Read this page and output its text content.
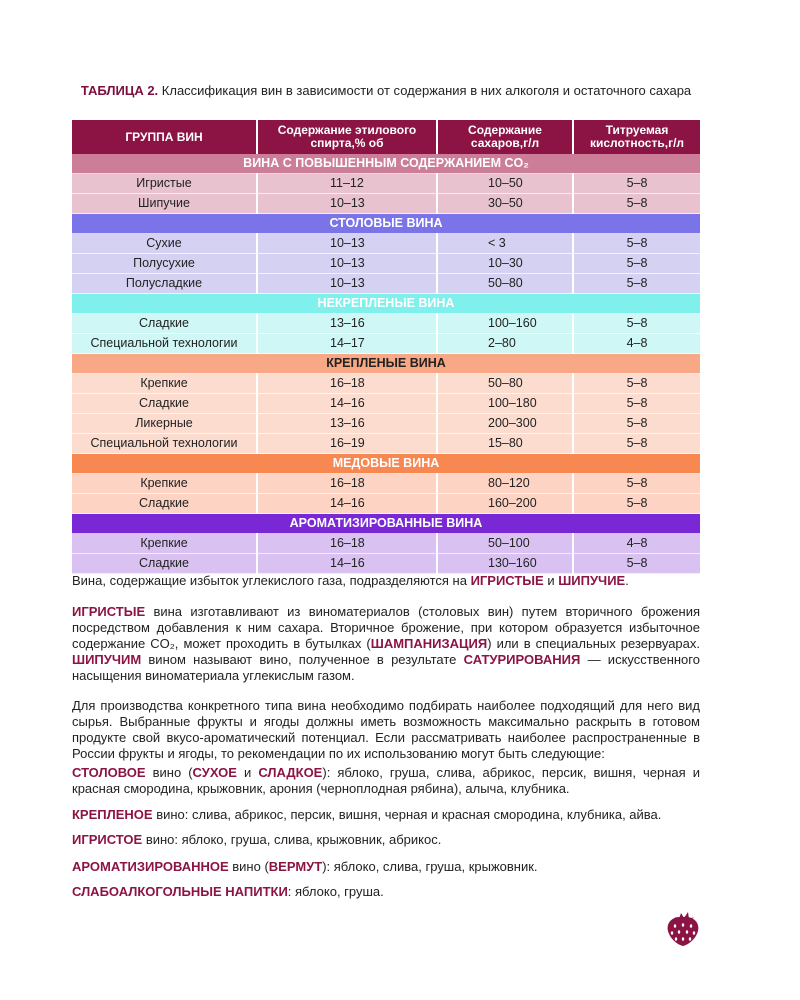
ТАБЛИЦА 2. Классификация вин в зависимости от содержания в них алкоголя и остаточного сахара
ГРУППА ВИН	Содержание этилового спирта,% об	Содержание сахаров,г/л	Титруемая кислотность,г/л
ВИНА С ПОВЫШЕННЫМ СОДЕРЖАНИЕМ CO₂			
Игристые	11–12	10–50	5–8
Шипучие	10–13	30–50	5–8
СТОЛОВЫЕ ВИНА			
Сухие	10–13	< 3	5–8
Полусухие	10–13	10–30	5–8
Полусладкие	10–13	50–80	5–8
НЕКРЕПЛЕНЫЕ ВИНА			
Сладкие	13–16	100–160	5–8
Специальной технологии	14–17	2–80	4–8
КРЕПЛЕНЫЕ ВИНА			
Крепкие	16–18	50–80	5–8
Сладкие	14–16	100–180	5–8
Ликерные	13–16	200–300	5–8
Специальной технологии	16–19	15–80	5–8
МЕДОВЫЕ ВИНА			
Крепкие	16–18	80–120	5–8
Сладкие	14–16	160–200	5–8
АРОМАТИЗИРОВАННЫЕ ВИНА			
Крепкие	16–18	50–100	4–8
Сладкие	14–16	130–160	5–8

Вина, содержащие избыток углекислого газа, подразделяются на ИГРИСТЫЕ и ШИПУЧИЕ.

ИГРИСТЫЕ вина изготавливают из виноматериалов (столовых вин) путем вторичного брожения посредством добавления к ним сахара. Вторичное брожение, при котором образуется избыточное содержание CO₂, может проходить в бутылках (ШАМПАНИЗАЦИЯ) или в специальных резервуарах. ШИПУЧИМ вином называют вино, полученное в результате САТУРИРОВАНИЯ — искусственного насыщения виноматериала углекислым газом.

Для производства конкретного типа вина необходимо подбирать наиболее подходящий для него вид сырья. Выбранные фрукты и ягоды должны иметь возможность максимально раскрыть в готовом продукте свой вкусо-ароматический потенциал. Если рассматривать наиболее распространенные в России фрукты и ягоды, то рекомендации по их использованию могут быть следующие:

СТОЛОВОЕ вино (СУХОЕ и СЛАДКОЕ): яблоко, груша, слива, абрикос, персик, вишня, черная и красная смородина, крыжовник, арония (черноплодная рябина), алыча, клубника.

КРЕПЛЕНОЕ вино: слива, абрикос, персик, вишня, черная и красная смородина, клубника, айва.

ИГРИСТОЕ вино: яблоко, груша, слива, крыжовник, абрикос.

АРОМАТИЗИРОВАННОЕ вино (ВЕРМУТ): яблоко, слива, груша, крыжовник.

СЛАБОАЛКОГОЛЬНЫЕ НАПИТКИ: яблоко, груша.
